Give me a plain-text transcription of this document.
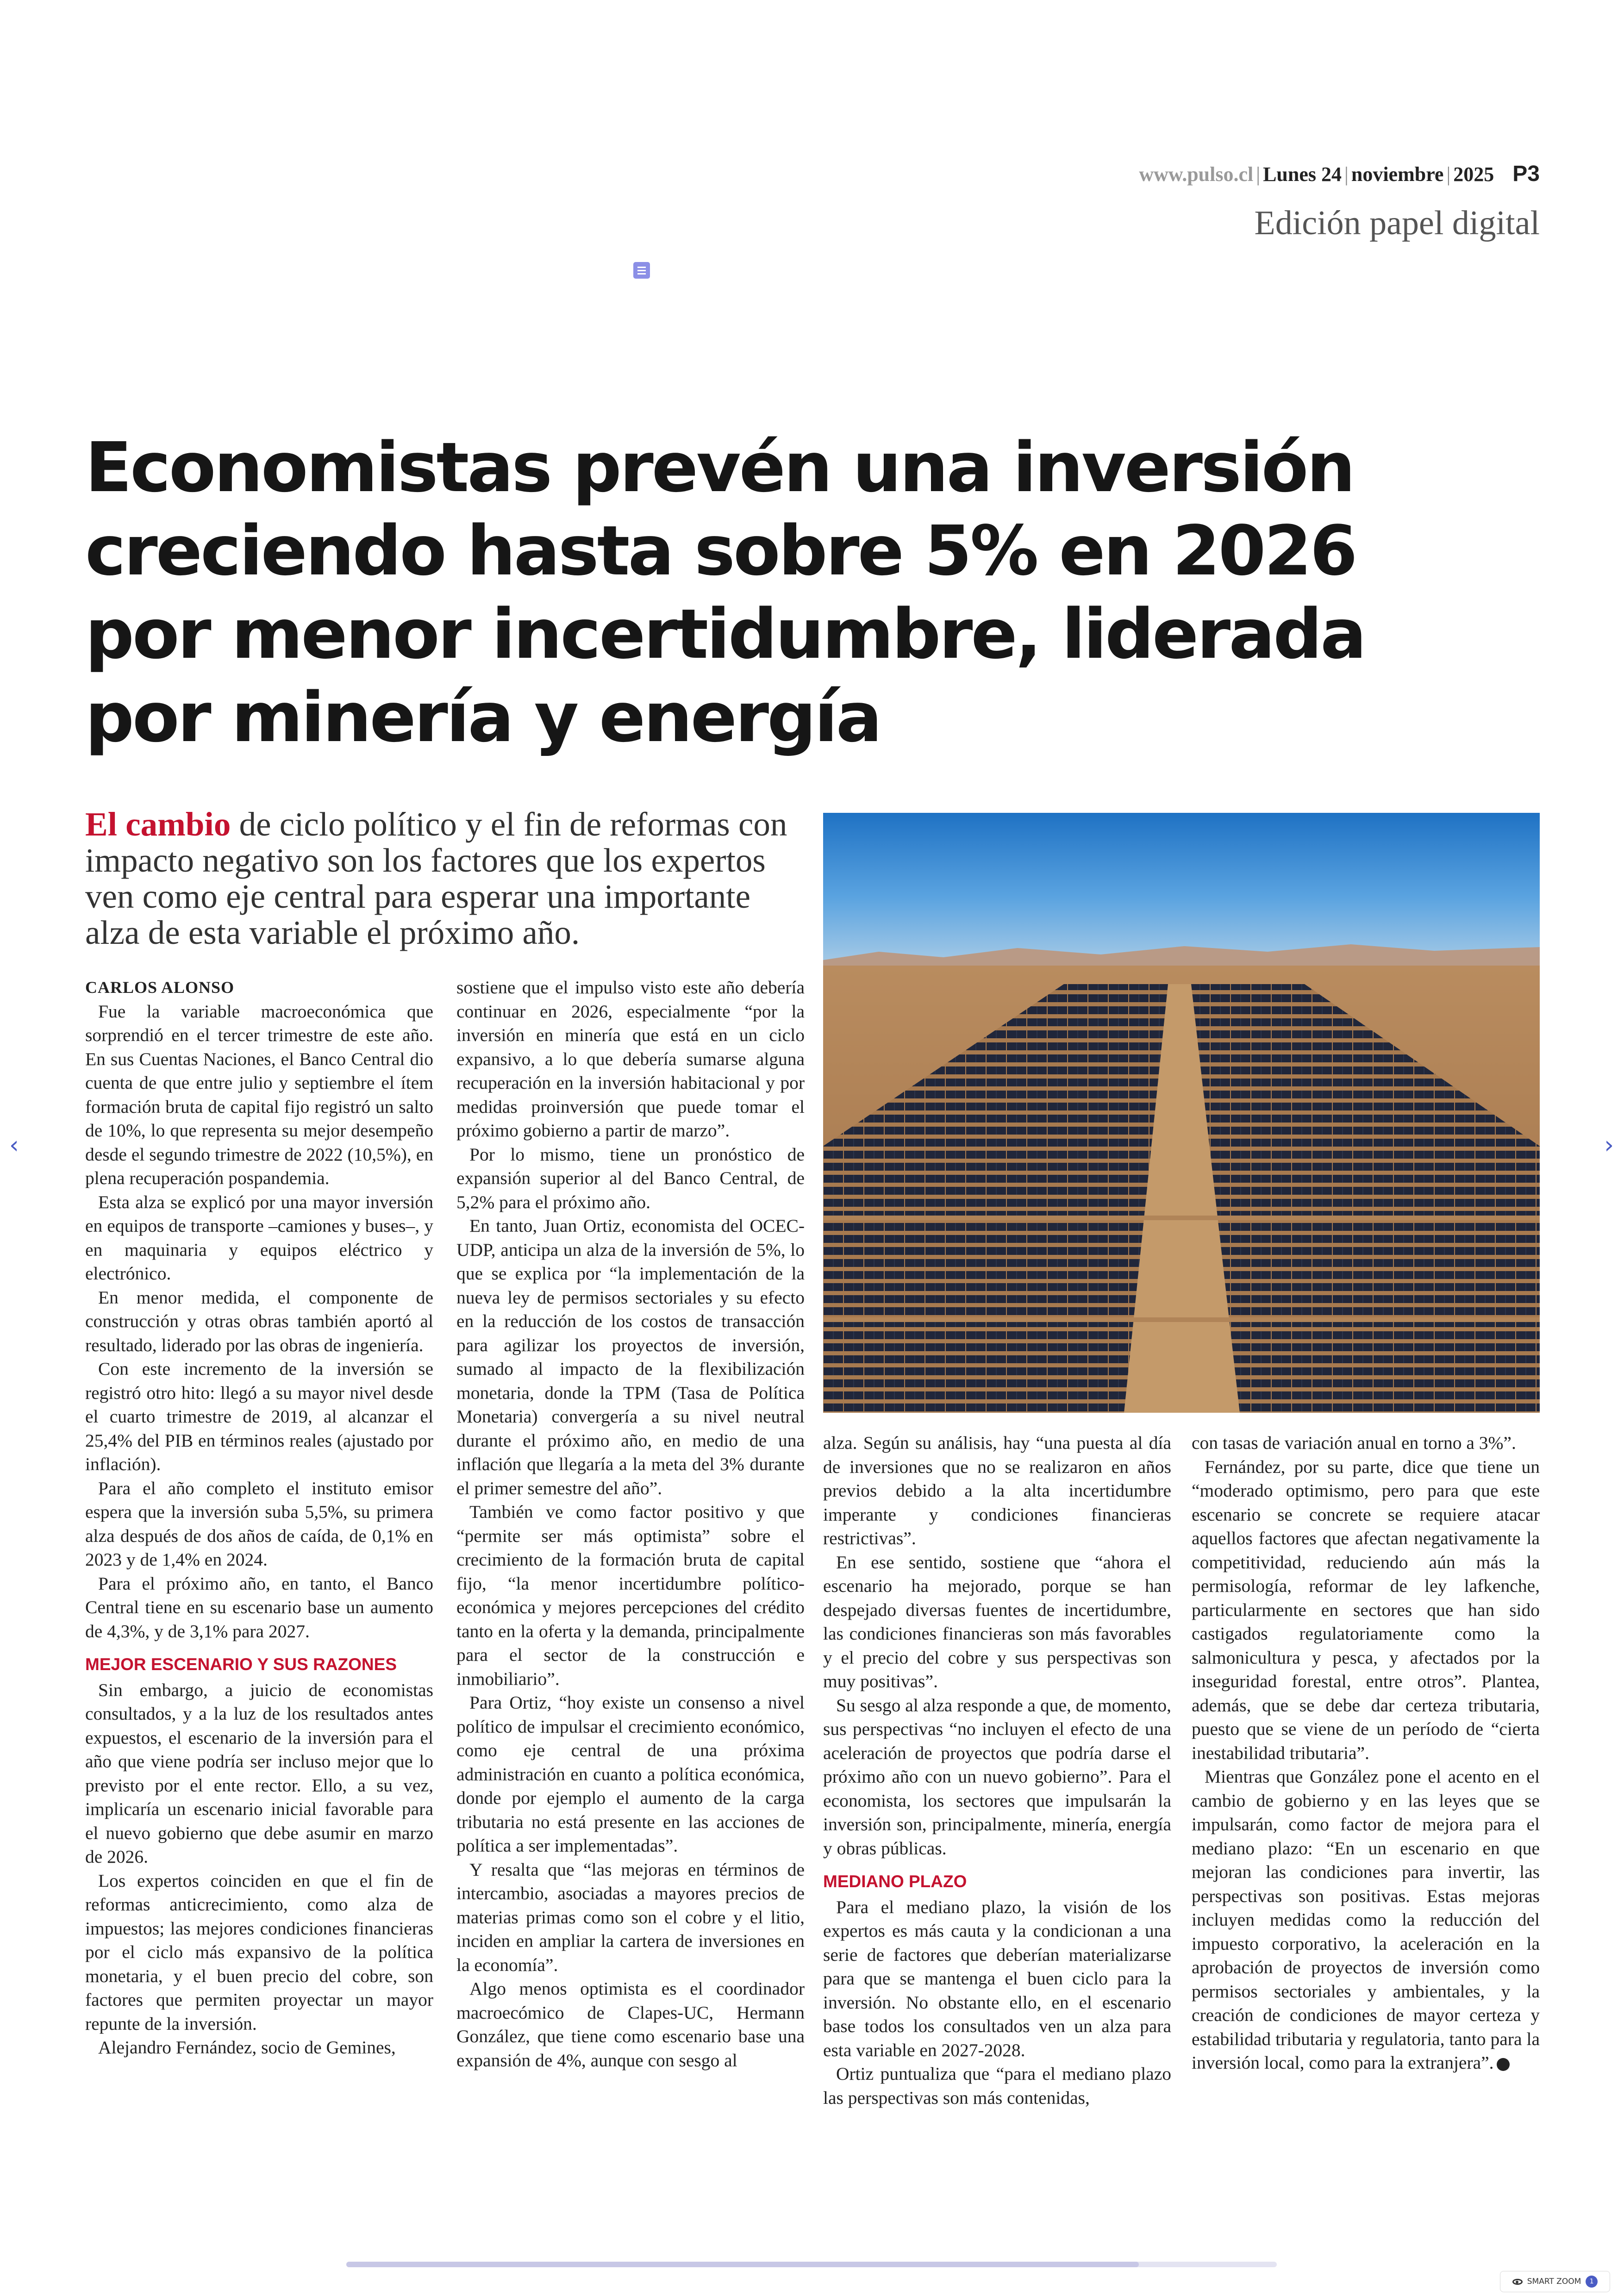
www.pulso.cl | Lunes 24 | noviembre | 2025 P3
Edición papel digital
Economistas prevén una inversión creciendo hasta sobre 5% en 2026 por menor incertidumbre, liderada por minería y energía

El cambio de ciclo político y el fin de reformas con impacto negativo son los factores que los expertos ven como eje central para esperar una importante alza de esta variable el próximo año.

CARLOS ALONSO

Fue la variable macroeconómica que sorprendió en el tercer trimestre de este año. En sus Cuentas Naciones, el Banco Central dio cuenta de que entre julio y septiembre el ítem formación bruta de capital fijo registró un salto de 10%, lo que representa su mejor desempeño desde el segundo trimestre de 2022 (10,5%), en plena recuperación pospandemia.

Esta alza se explicó por una mayor inversión en equipos de transporte –camiones y buses–, y en maquinaria y equipos eléctrico y electrónico.

En menor medida, el componente de construcción y otras obras también aportó al resultado, liderado por las obras de ingeniería.

Con este incremento de la inversión se registró otro hito: llegó a su mayor nivel desde el cuarto trimestre de 2019, al alcanzar el 25,4% del PIB en términos reales (ajustado por inflación).

Para el año completo el instituto emisor espera que la inversión suba 5,5%, su primera alza después de dos años de caída, de 0,1% en 2023 y de 1,4% en 2024.

Para el próximo año, en tanto, el Banco Central tiene en su escenario base un aumento de 4,3%, y de 3,1% para 2027.

MEJOR ESCENARIO Y SUS RAZONES

Sin embargo, a juicio de economistas consultados, y a la luz de los resultados antes expuestos, el escenario de la inversión para el año que viene podría ser incluso mejor que lo previsto por el ente rector. Ello, a su vez, implicaría un escenario inicial favorable para el nuevo gobierno que debe asumir en marzo de 2026.

Los expertos coinciden en que el fin de reformas anticrecimiento, como alza de impuestos; las mejores condiciones financieras por el ciclo más expansivo de la política monetaria, y el buen precio del cobre, son factores que permiten proyectar un mayor repunte de la inversión.

Alejandro Fernández, socio de Gemines,

sostiene que el impulso visto este año debería continuar en 2026, especialmente “por la inversión en minería que está en un ciclo expansivo, a lo que debería sumarse alguna recuperación en la inversión habitacional y por medidas proinversión que puede tomar el próximo gobierno a partir de marzo”.

Por lo mismo, tiene un pronóstico de expansión superior al del Banco Central, de 5,2% para el próximo año.

En tanto, Juan Ortiz, economista del OCEC-UDP, anticipa un alza de la inversión de 5%, lo que se explica por “la implementación de la nueva ley de permisos sectoriales y su efecto en la reducción de los costos de transacción para agilizar los proyectos de inversión, sumado al impacto de la flexibilización monetaria, donde la TPM (Tasa de Política Monetaria) convergería a su nivel neutral durante el próximo año, en medio de una inflación que llegaría a la meta del 3% durante el primer semestre del año”.

También ve como factor positivo y que “permite ser más optimista” sobre el crecimiento de la formación bruta de capital fijo, “la menor incertidumbre político-económica y mejores percepciones del crédito tanto en la oferta y la demanda, principalmente para el sector de la construcción e inmobiliario”.

Para Ortiz, “hoy existe un consenso a nivel político de impulsar el crecimiento económico, como eje central de una próxima administración en cuanto a política económica, donde por ejemplo el aumento de la carga tributaria no está presente en las acciones de política a ser implementadas”.

Y resalta que “las mejoras en términos de intercambio, asociadas a mayores precios de materias primas como son el cobre y el litio, inciden en ampliar la cartera de inversiones en la economía”.

Algo menos optimista es el coordinador macroecómico de Clapes-UC, Hermann González, que tiene como escenario base una expansión de 4%, aunque con sesgo al

alza. Según su análisis, hay “una puesta al día de inversiones que no se realizaron en años previos debido a la alta incertidumbre imperante y condiciones financieras restrictivas”.

En ese sentido, sostiene que “ahora el escenario ha mejorado, porque se han despejado diversas fuentes de incertidumbre, las condiciones financieras son más favorables y el precio del cobre y sus perspectivas son muy positivas”.

Su sesgo al alza responde a que, de momento, sus perspectivas “no incluyen el efecto de una aceleración de proyectos que podría darse el próximo año con un nuevo gobierno”. Para el economista, los sectores que impulsarán la inversión son, principalmente, minería, energía y obras públicas.

MEDIANO PLAZO

Para el mediano plazo, la visión de los expertos es más cauta y la condicionan a una serie de factores que deberían materializarse para que se mantenga el buen ciclo para la inversión. No obstante ello, en el escenario base todos los consultados ven un alza para esta variable en 2027-2028.

Ortiz puntualiza que “para el mediano plazo las perspectivas son más contenidas,

con tasas de variación anual en torno a 3%”.

Fernández, por su parte, dice que tiene un “moderado optimismo, pero para que este escenario se concrete se requiere atacar aquellos factores que afectan negativamente la competitividad, reduciendo aún más la permisología, reformar de ley lafkenche, particularmente en sectores que han sido castigados regulatoriamente como la salmonicultura y pesca, y afectados por la inseguridad forestal, entre otros”. Plantea, además, que se debe dar certeza tributaria, puesto que se viene de un período de “cierta inestabilidad tributaria”.

Mientras que González pone el acento en el cambio de gobierno y en las leyes que se impulsarán, como factor de mejora para el mediano plazo: “En un escenario en que mejoran las condiciones para invertir, las perspectivas son positivas. Estas mejoras incluyen medidas como la reducción del impuesto corporativo, la aceleración en la aprobación de proyectos de inversión como permisos sectoriales y ambientales, y la creación de condiciones de mayor certeza y estabilidad tributaria y regulatoria, tanto para la inversión local, como para la extranjera”.

‹	›
SMART ZOOM	1
